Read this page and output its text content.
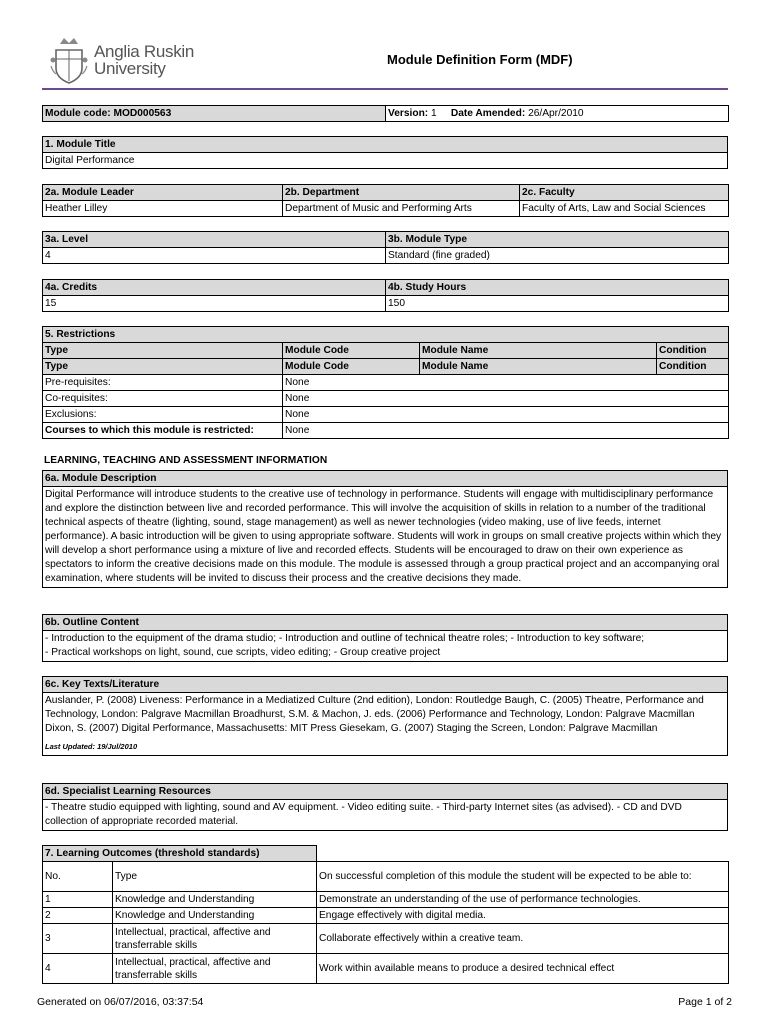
Anglia Ruskin
University	Module Definition Form (MDF)
Module code: MOD000563	Version: 1 Date Amended: 26/Apr/2010
1. Module Title
Digital Performance
2a. Module Leader	2b. Department	2c. Faculty
Heather Lilley	Department of Music and Performing Arts	Faculty of Arts, Law and Social Sciences
3a. Level	3b. Module Type
4	Standard (fine graded)
4a. Credits	4b. Study Hours
15	150
5. Restrictions			
Type	Module Code	Module Name	Condition
Type	Module Code	Module Name	Condition
Pre-requisites:	None		
Co-requisites:	None		
Exclusions:	None		
Courses to which this module is restricted:	None		
LEARNING, TEACHING AND ASSESSMENT INFORMATION
6a. Module Description
Digital Performance will introduce students to the creative use of technology in performance. Students will engage with multidisciplinary performance and explore the distinction between live and recorded performance. This will involve the acquisition of skills in relation to a number of the traditional technical aspects of theatre (lighting, sound, stage management) as well as newer technologies (video making, use of live feeds, internet performance). A basic introduction will be given to using appropriate software. Students will work in groups on small creative projects within which they will develop a short performance using a mixture of live and recorded effects. Students will be encouraged to draw on their own experience as spectators to inform the creative decisions made on this module. The module is assessed through a group practical project and an accompanying oral examination, where students will be invited to discuss their process and the creative decisions they made.
6b. Outline Content

- Introduction to the equipment of the drama studio; - Introduction and outline of technical theatre roles; - Introduction to key software;
- Practical workshops on light, sound, cue scripts, video editing; - Group creative project
6c. Key Texts/Literature

Auslander, P. (2008) Liveness: Performance in a Mediatized Culture (2nd edition), London: Routledge Baugh, C. (2005) Theatre, Performance and Technology, London: Palgrave Macmillan Broadhurst, S.M. & Machon, J. eds. (2006) Performance and Technology, London: Palgrave Macmillan Dixon, S. (2007) Digital Performance, Massachusetts: MIT Press Giesekam, G. (2007) Staging the Screen, London: Palgrave Macmillan
Last Updated: 19/Jul/2010
6d. Specialist Learning Resources
- Theatre studio equipped with lighting, sound and AV equipment. - Video editing suite. - Third-party Internet sites (as advised). - CD and DVD collection of appropriate recorded material.
7. Learning Outcomes (threshold standards)		
No.	Type	On successful completion of this module the student will be expected to be able to:
1	Knowledge and Understanding	Demonstrate an understanding of the use of performance technologies.
2	Knowledge and Understanding	Engage effectively with digital media.
3	Intellectual, practical, affective and transferrable skills	Collaborate effectively within a creative team.
4	Intellectual, practical, affective and transferrable skills	Work within available means to produce a desired technical effect
Generated on 06/07/2016, 03:37:54	Page 1 of 2
